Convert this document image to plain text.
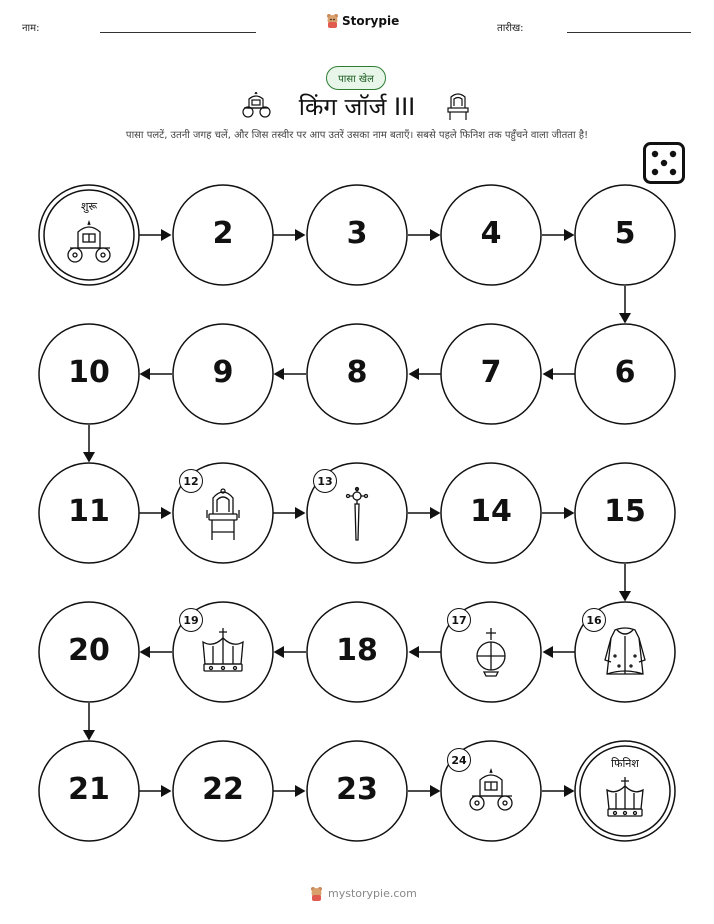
नाम:
Storypie
तारीख:
पासा खेल
किंग जॉर्ज III
पासा पलटें, उतनी जगह चलें, और जिस तस्वीर पर आप उतरें उसका नाम बताएँ। सबसे पहले फिनिश तक पहुँचने वाला जीतता है!
शुरू
फिनिश
2	3	4	5
6
7
8
9
10
11	14	15
18
20
21	22	23
12	13
16
17
19
24
mystorypie.com
